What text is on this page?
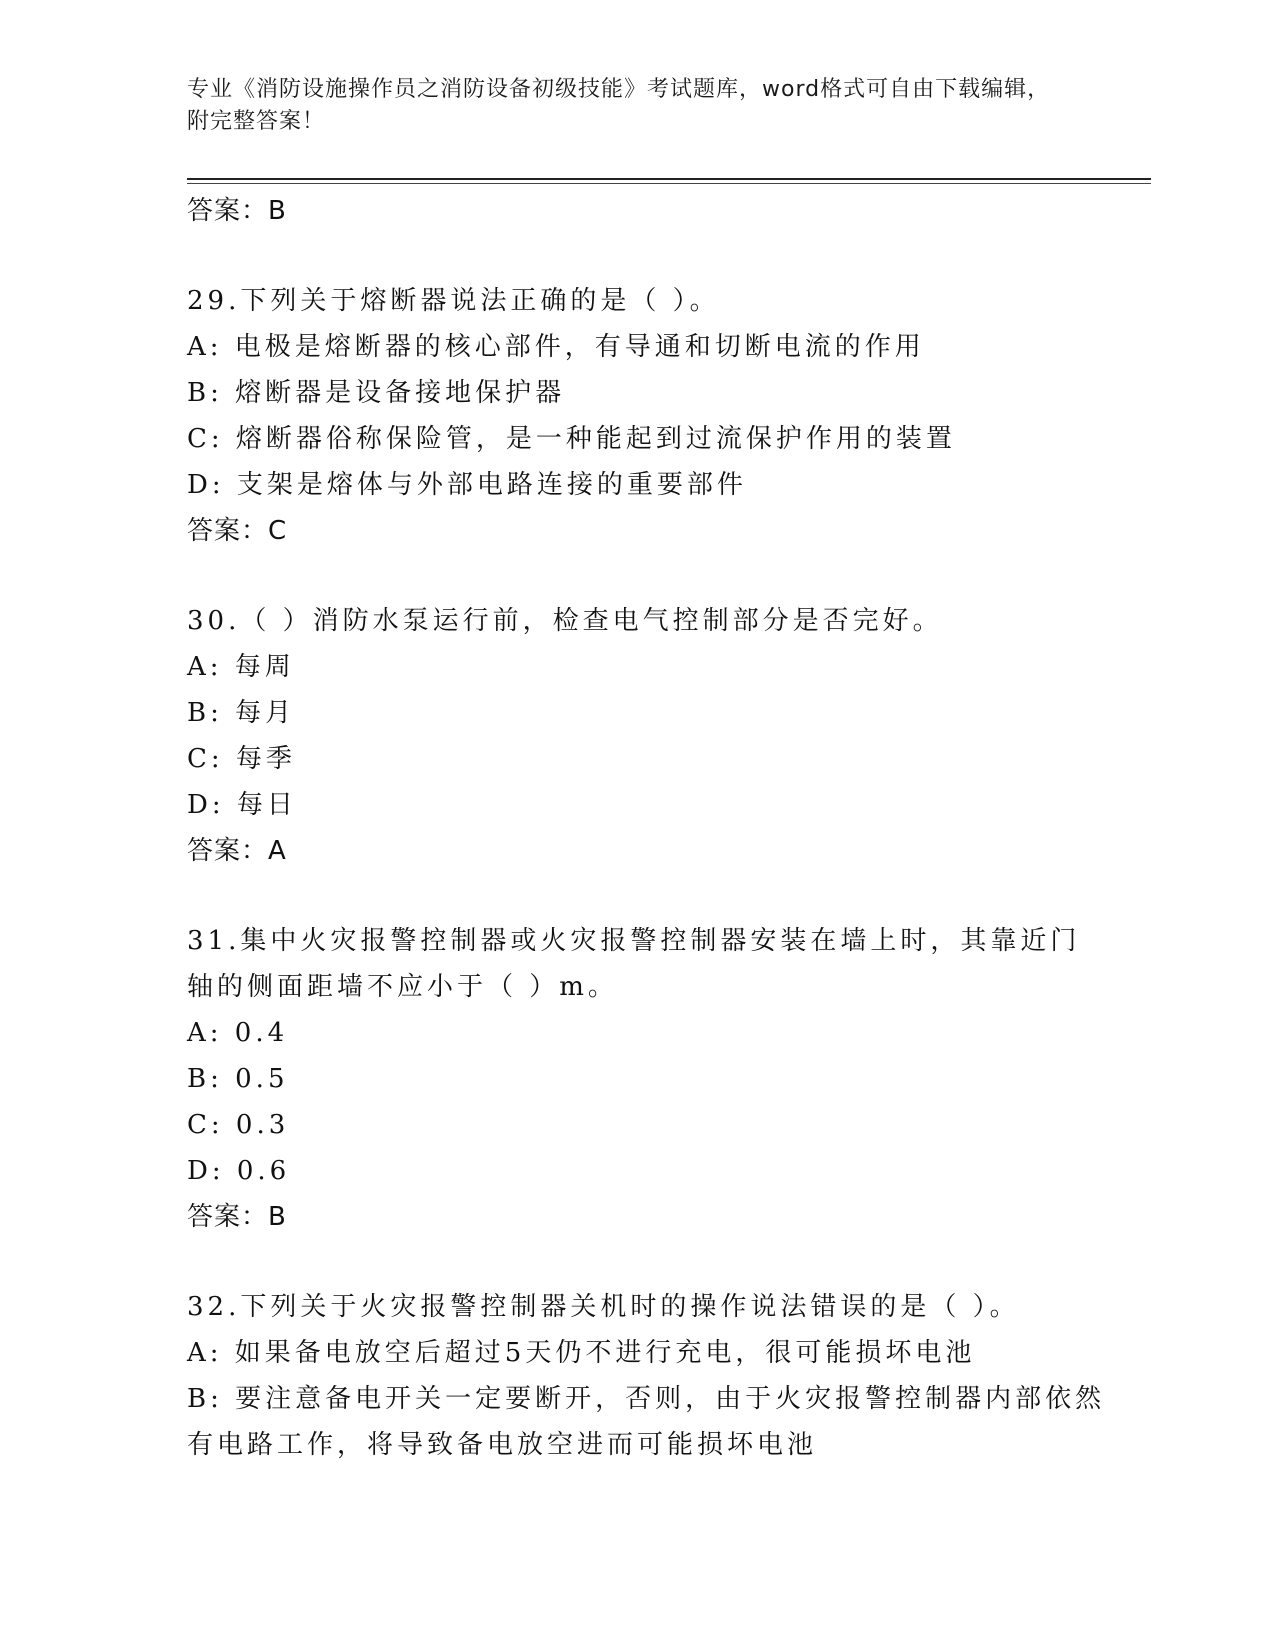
专业《消防设施操作员之消防设备初级技能》考试题库，word格式可自由下载编辑，附完整答案！
答案：B
29.下列关于熔断器说法正确的是（ ）。
A: 电极是熔断器的核心部件，有导通和切断电流的作用
B: 熔断器是设备接地保护器
C: 熔断器俗称保险管，是一种能起到过流保护作用的装置
D: 支架是熔体与外部电路连接的重要部件
答案：C
30.（ ）消防水泵运行前，检查电气控制部分是否完好。
A: 每周
B: 每月
C: 每季
D: 每日
答案：A
31.集中火灾报警控制器或火灾报警控制器安装在墙上时，其靠近门轴的侧面距墙不应小于（ ）m。
A: 0.4
B: 0.5
C: 0.3
D: 0.6
答案：B
32.下列关于火灾报警控制器关机时的操作说法错误的是（ ）。
A: 如果备电放空后超过5天仍不进行充电，很可能损坏电池
B: 要注意备电开关一定要断开，否则，由于火灾报警控制器内部依然有电路工作，将导致备电放空进而可能损坏电池
